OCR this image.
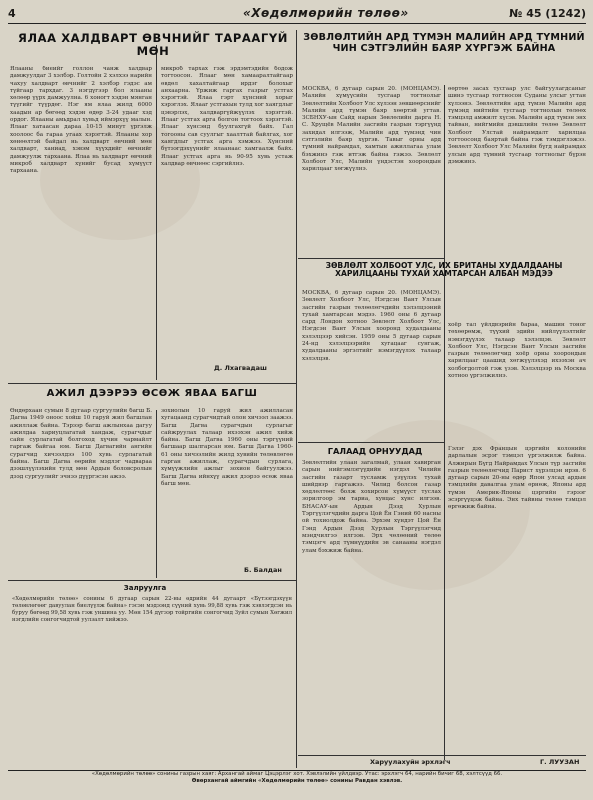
4	«Хөдөлмөрийн төлөө»	№ 45 (1242)
ЯЛАА ХАЛДВАРТ ӨВЧНИЙГ ТАРААГҮЙ МӨН
Ялааны биеийг голлон чанж халдвар дамжуулдаг 3 хэлбэр. Голтойн 2 хэлхээ нарийн чахуу халдварт өвчнийг 2 хэлбэр гэдэс ам түйгаар тархдаг. 3 нэгдүгээр бол ялааны хөлөөр үүрх дамжуулна. 6 хоногт хэдэн мянган түүгийг түүрдөг. Нэг ям ялаа жилд 6000 хаадын ар бөгөөд хэдэн өдөр 3-24 удааг хэд ордог. Ялааны амьдрал хувьд иймэрхүү малын. Ялааг хатаасан дараа 10-15 минут үргэлж хоолоос ба гараа угаах хэрэгтэй. Ялааны хор хөнөөлтэй байдал нь халдварт өвчний мөн халдварт, ханиад, хэвэм хүүхдийг өвчнийг дамжуулж тархаана. Ялаа нь халдварт өвчний микроб халдварт хүнийг бусад хүмүүст тархаана.
микроб тархах гэж эрдэмтэдийн бодож тогтоосон. Ялааг мөн хамааралтайгаар өвдөл хахалтайгаар ирдэг болохыг анхаарна. Үржиж гаргах газрыг устгах хэрэгтэй. Ялаа гэрт хүнсний хорыг хэрэглэх. Ялааг устгахын тулд хог хаягдлыг цэвэрлэх, халдваргүйжүүлэх хэрэгтэй. Ялааг устгах арга болгон тогтоох хэрэгтэй. Ялааг хүнсэнд буулгахгүй байх. Гал тогооны сав суулгыг хаалттай байлгах, хог хаягдлыг устгах арга хэмжээ. Хүнсний бүтээгдэхүүнийг ялаанаас хамгаалж байх. Ялааг устгах арга нь 90-95 хувь устаж халдвар өвчнөөс сэргийлнэ.
Д. Лхагвадаш
АЖИЛ ДЭЭРЭЭ ӨСӨЖ ЯВАА БАГШ
Өндөрхаан сумын 8 дугаар сургуулийн багш Б. Дагва 1949 оноос хойш 10 гаруй жил багшлан ажиллаж байна. Тэрээр багш ажлынхаа дагуу ажилдаа хариуцлагатай хандаж, сурагчдыг сайн сурлагатай болгоход хүчин чармайлт гаргаж байгаа юм. Багш Дагвагийн ангийн сурагчид хичээлдээ 100 хувь сурлагатай байна. Багш Дагва өөрийн мэдлэг чадвараа дээшлүүлэхийн тулд мөн Ардын боловсролын дээд сургуулийг эчнээ дүүргэсэн ажээ.
зохиолын 10 гаруй жил ажилласан хугацаанд сурагчидтай олон хичээл заажээ. Багш Дагва сурагчдын сурлагыг сайжруулах талаар ихээхэн ажил хийж байна. Багш Дагва 1960 оны тэргүүний багшаар шалгарсан юм. Багш Дагва 1960-61 оны хичээлийн жилд хувийн төлөвлөгөө гарган ажиллаж, сурагчдын сурлага, хүмүүжлийн ажлыг зохион байгуулжээ. Багш Дагва ийнхүү ажил дээрээ өсөж яваа багш мөн.
Б. Балдан
Залруулга
«Хөдөлмөрийн төлөө» сонины 6 дугаар сарын 22-ны өдрийн 44 дугаарт «Бүтээгдэхүүн төлөвлөгөөг давуулан биелүүлж байна» гэсэн мэдээнд сүүний хувь 99,88 хувь гэж хэвлэгдсэн нь буруу бөгөөд 99,58 хувь гэж уншина уу. Мөн 154 дүгээр тойргийн сонгогчид Зуйл сумын Хөгжил нэгдлийн сонгогчидтой уулзалт хийжээ.
ЗӨВЛӨЛТИЙН АРД ТҮМЭН МАЛИЙН АРД ТҮМНИЙ ЧИН СЭТГЭЛИЙН БАЯР ХҮРГЭЖ БАЙНА
МОСКВА, 6 дугаар сарын 20. (МОНЦАМЭ). Малийн хүмүүсийн тусгаар тогтнолыг Зөвлөлтийн Холбоот Улс хүлээн зөвшөөрснийг Малийн ард түмэн баяр хөөртэй угтав. ЗСБНХУ-ын Сайд нарын Зөвлөлийн дарга Н. С. Хрущёв Малийн засгийн газрын тэргүүнд захидал илгээж, Малийн ард түмэнд чин сэтгэлийн баяр хүргэв. Тавыг орны ард түмний найрамдал, хамтын ажиллагаа улам бэхжинэ гэж итгэж байна гэжээ. Зөвлөлт Холбоот Улс, Малийн үндэстэн хоорондын харилцааг хөгжүүлнэ.
өөртөө засах тусгаар улс байгуулагдсаныг шинэ тусгаар тогтносон Суданы улсыг угтан хүлээнэ. Зөвлөлтийн ард түмэн Малийн ард түмэнд нийтийн тусгаар тогтнолын төлөөх тэмцэлд амжилт хүсэв. Малийн ард түмэн энх тайван, нийгмийн дэвшлийн төлөө Зөвлөлт Холбоот Улстай найрамдалт харилцаа тогтоосонд баяртай байна гэж тэмдэглэжээ. Зөвлөлт Холбоот Улс Малийн бүгд найрамдах улсын ард түмний тусгаар тогтнолыг бүрэн дэмжинэ.
ЗӨВЛӨЛТ ХОЛБООТ УЛС, ИХ БРИТАНЫ ХУДАЛДААНЫ ХАРИЛЦААНЫ ТУХАЙ ХАМТАРСАН АЛБАН МЭДЭЭ
МОСКВА, 6 дугаар сарын 20. (МОНЦАМЭ). Зөвлөлт Холбоот Улс, Нэгдсэн Вант Улсын засгийн газрын төлөөлөгчдийн хэлэлцээний тухай хамтарсан мэдээ. 1960 оны 6 дугаар сард Лондон хотноо Зөвлөлт Холбоот Улс, Нэгдсэн Вант Улсын хооронд худалдааны хэлэлцээр хийсэн. 1959 оны 5 дугаар сарын 24-нд хэлэлцээрийн хугацааг сунгаж, худалдааны эргэлтийг нэмэгдүүлэх талаар хэлэлцэв.
хоёр тал үйлдвэрийн бараа, машин тоног төхөөрөмж, түүхий эдийн нийлүүлэлтийг нэмэгдүүлэх талаар хэлэлцэв. Зөвлөлт Холбоот Улс, Нэгдсэн Вант Улсын засгийн газрын төлөөлөгчид хоёр орны хоорондын харилцааг цаашид хөгжүүлэхэд ихээхэн ач холбогдолтой гэж үзэв. Хэлэлцээр нь Москва хотноо үргэлжилнэ.
ГАЛААД ОРНУУДАД
Зөвлөлтийн улаан загалмай, улаан хавирган сарын нийгэмлэгүүдийн нэгдэл Чилийн засгийн газарт тусламж үзүүлэх тухай шийдвэр гаргажээ. Чилид болсон газар хөдлөлтөөс болж хохирсон хүмүүст туслах зорилгоор эм тариа, хувцас хүнс илгээв. БНАСАУ-ын Ардын Дээд Хурлын Тэргүүлэгчдийн дарга Цой Ён Гэний 60 насны ой тохиолдож байна. Эрхэм хүндэт Цой Ён Гэнд Ардын Дээд Хурлын Тэргүүлэгчид мэндчилгээ илгээв. Эрх чөлөөний төлөө тэмцэгч ард түмнүүдийн эв санааны нэгдэл улам бэхжиж байна.
Гэлэг дэх Францын цэргийн колонийн дарлалын эсрэг тэмцэл үргэлжилж байна. Алжирын Бүгд Найрамдах Улсын түр засгийн газрын төлөөлөгчид Парист хүрэлцэн ирэв. 6 дугаар сарын 20-ны өдөр Япон улсад ардын тэмцлийн давалгаа улам өрнөж, Японы ард түмэн Америк-Японы цэргийн гэрээг эсэргүүцэж байна. Энх тайвны төлөө тэмцэл өргөжиж байна.
Харуулахуйн эрхлэгч	Г. ЛУУЗАН
«Хөдөлмөрийн төлөө» сонины газрын хаяг: Архангай аймаг Цэцэрлэг хот. Хэвлэлийн үйлдвэр. Утас: эрхлэгч 64, нарийн бичиг 68, хэлтсүүд 66.
Өвөрхангай аймгийн «Хөдөлмөрийн төлөө» сонины Равдан хэвлэв.
